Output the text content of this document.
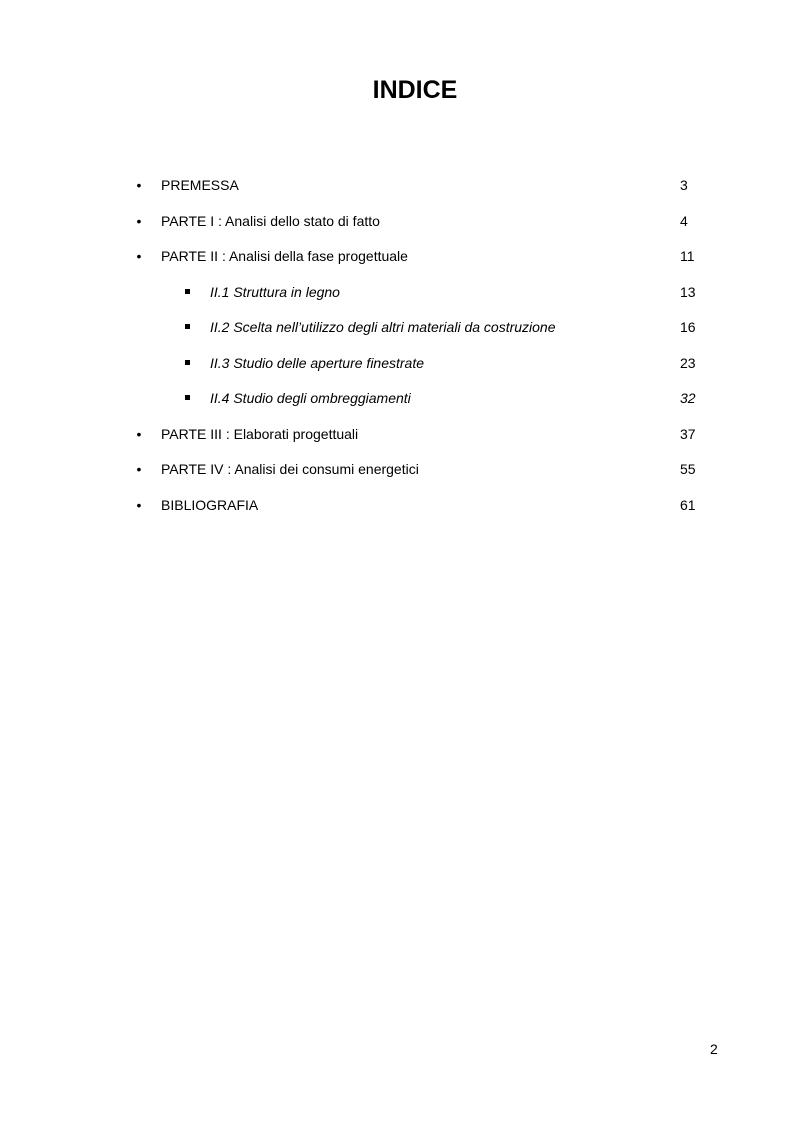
INDICE
• PREMESSA	3
• PARTE I : Analisi dello stato di fatto	4
• PARTE II : Analisi della fase progettuale	11
II.1 Struttura in legno	13
II.2 Scelta nell’utilizzo degli altri materiali da costruzione	16
II.3 Studio delle aperture finestrate	23
II.4 Studio degli ombreggiamenti	32
• PARTE III : Elaborati progettuali	37
• PARTE IV : Analisi dei consumi energetici	55
• BIBLIOGRAFIA	61
2
